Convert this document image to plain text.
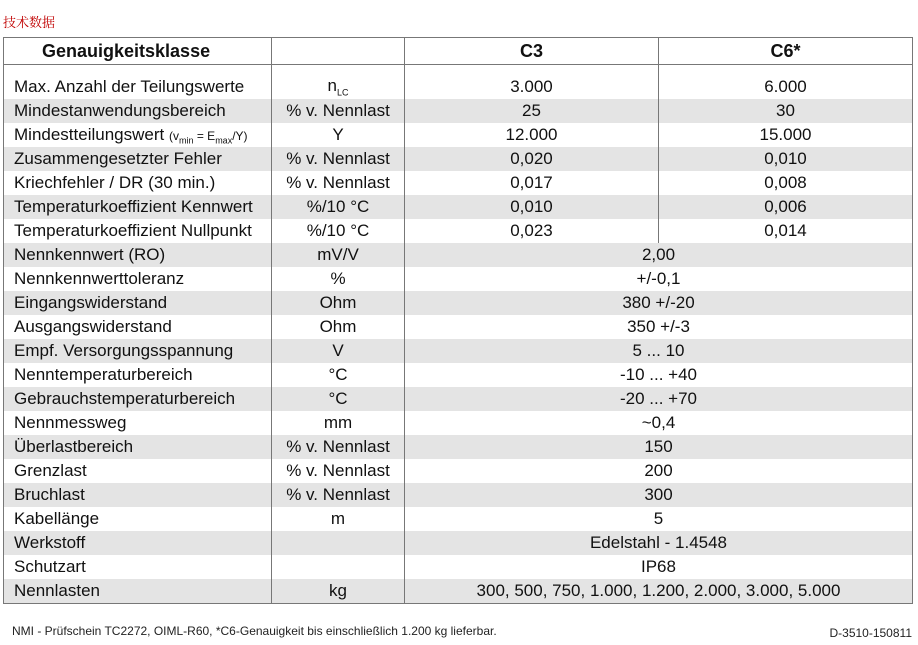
技术数据
Genauigkeitsklasse		C3	C6*

Max. Anzahl der Teilungswerte	$n_{LC}$	3.000	6.000
Mindestanwendungsbereich	% v. Nennlast	25	30
Mindestteilungswert $(v_{min} = E_{max}/Y)$	Y	12.000	15.000
Zusammengesetzter Fehler	% v. Nennlast	0,020	0,010
Kriechfehler / DR (30 min.)	% v. Nennlast	0,017	0,008
Temperaturkoeffizient Kennwert	%/10 °C	0,010	0,006
Temperaturkoeffizient Nullpunkt	%/10 °C	0,023	0,014
Nennkennwert (RO)	mV/V	2,00	
Nennkennwerttoleranz	%	+/-0,1	
Eingangswiderstand	Ohm	380 +/-20	
Ausgangswiderstand	Ohm	350 +/-3	
Empf. Versorgungsspannung	V	5 ... 10	
Nenntemperaturbereich	°C	-10 ... +40	
Gebrauchstemperaturbereich	°C	-20 ... +70	
Nennmessweg	mm	~0,4	
Überlastbereich	% v. Nennlast	150	
Grenzlast	% v. Nennlast	200	
Bruchlast	% v. Nennlast	300	
Kabellänge	m	5	
Werkstoff		Edelstahl - 1.4548	
Schutzart		IP68	
Nennlasten	kg	300, 500, 750, 1.000, 1.200, 2.000, 3.000, 5.000	
NMI - Prüfschein TC2272, OIML-R60, *C6-Genauigkeit bis einschließlich 1.200 kg lieferbar.	D-3510-150811
